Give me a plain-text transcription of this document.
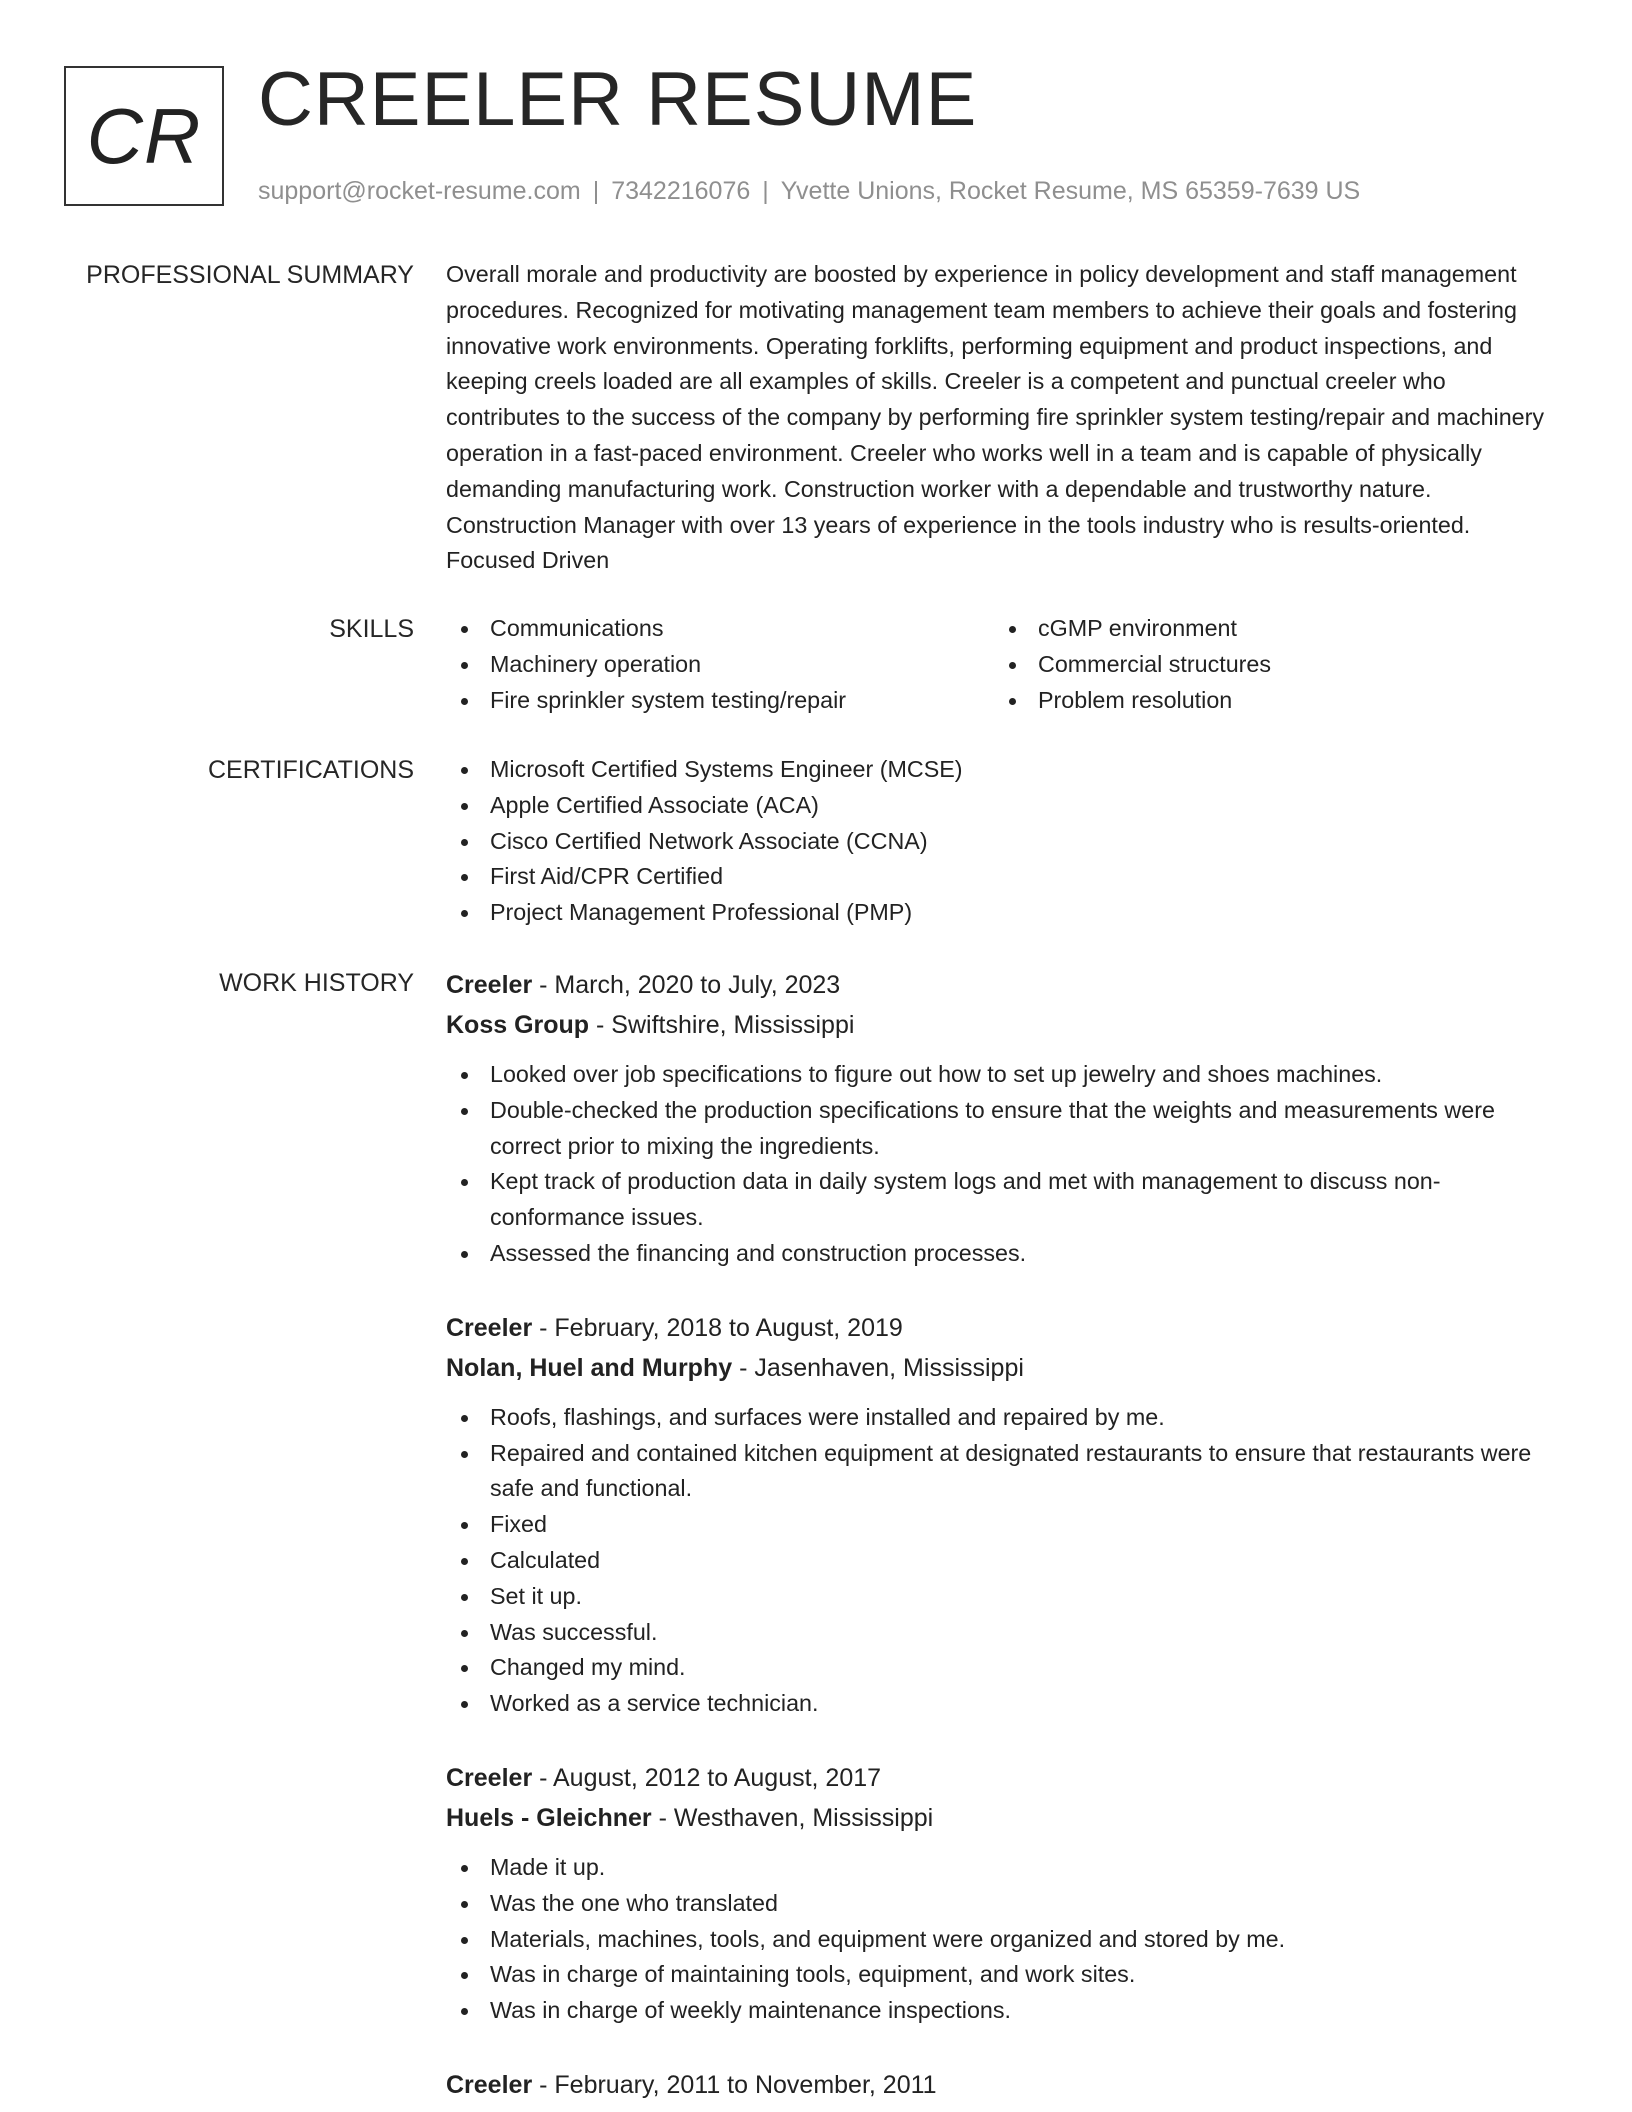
CR CREELER RESUME
support@rocket-resume.com | 7342216076 | Yvette Unions, Rocket Resume, MS 65359-7639 US
PROFESSIONAL SUMMARY Overall morale and productivity are boosted by experience in policy development and staff management procedures. Recognized for motivating management team members to achieve their goals and fostering innovative work environments. Operating forklifts, performing equipment and product inspections, and keeping creels loaded are all examples of skills. Creeler is a competent and punctual creeler who contributes to the success of the company by performing fire sprinkler system testing/repair and machinery operation in a fast-paced environment. Creeler who works well in a team and is capable of physically demanding manufacturing work. Construction worker with a dependable and trustworthy nature. Construction Manager with over 13 years of experience in the tools industry who is results-oriented. Focused Driven

SKILLS	Communications
Machinery operation
Fire sprinkler system testing/repair
cGMP environment
Commercial structures
Problem resolution
CERTIFICATIONS	Microsoft Certified Systems Engineer (MCSE)
Apple Certified Associate (ACA)
Cisco Certified Network Associate (CCNA)
First Aid/CPR Certified
Project Management Professional (PMP)
WORK HISTORY Creeler - March, 2020 to July, 2023
Koss Group - Swiftshire, Mississippi
Looked over job specifications to figure out how to set up jewelry and shoes machines.
Double-checked the production specifications to ensure that the weights and measurements were correct prior to mixing the ingredients.
Kept track of production data in daily system logs and met with management to discuss non-conformance issues.
Assessed the financing and construction processes.
Creeler - February, 2018 to August, 2019
Nolan, Huel and Murphy - Jasenhaven, Mississippi
Roofs, flashings, and surfaces were installed and repaired by me.
Repaired and contained kitchen equipment at designated restaurants to ensure that restaurants were safe and functional.
Fixed
Calculated
Set it up.
Was successful.
Changed my mind.
Worked as a service technician.
Creeler - August, 2012 to August, 2017
Huels - Gleichner - Westhaven, Mississippi
Made it up.
Was the one who translated
Materials, machines, tools, and equipment were organized and stored by me.
Was in charge of maintaining tools, equipment, and work sites.
Was in charge of weekly maintenance inspections.
Creeler - February, 2011 to November, 2011
